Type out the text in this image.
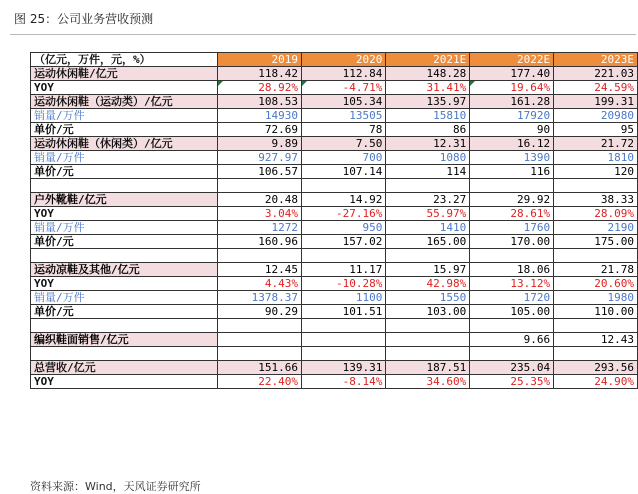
图 25：公司业务营收预测
（亿元，万件，元，%）	2019	2020	2021E	2022E	2023E
运动休闲鞋/亿元	118.42	112.84	148.28	177.40	221.03
YOY	28.92%	-4.71%	31.41%	19.64%	24.59%
运动休闲鞋（运动类）/亿元	108.53	105.34	135.97	161.28	199.31
销量/万件	14930	13505	15810	17920	20980
单价/元	72.69	78	86	90	95
运动休闲鞋（休闲类）/亿元	9.89	7.50	12.31	16.12	21.72
销量/万件	927.97	700	1080	1390	1810
单价/元	106.57	107.14	114	116	120

户外靴鞋/亿元	20.48	14.92	23.27	29.92	38.33
YOY	3.04%	-27.16%	55.97%	28.61%	28.09%
销量/万件	1272	950	1410	1760	2190
单价/元	160.96	157.02	165.00	170.00	175.00

运动凉鞋及其他/亿元	12.45	11.17	15.97	18.06	21.78
YOY	4.43%	-10.28%	42.98%	13.12%	20.60%
销量/万件	1378.37	1100	1550	1720	1980
单价/元	90.29	101.51	103.00	105.00	110.00

编织鞋面销售/亿元				9.66	12.43

总营收/亿元	151.66	139.31	187.51	235.04	293.56
YOY	22.40%	-8.14%	34.60%	25.35%	24.90%
资料来源：Wind，天风证券研究所
